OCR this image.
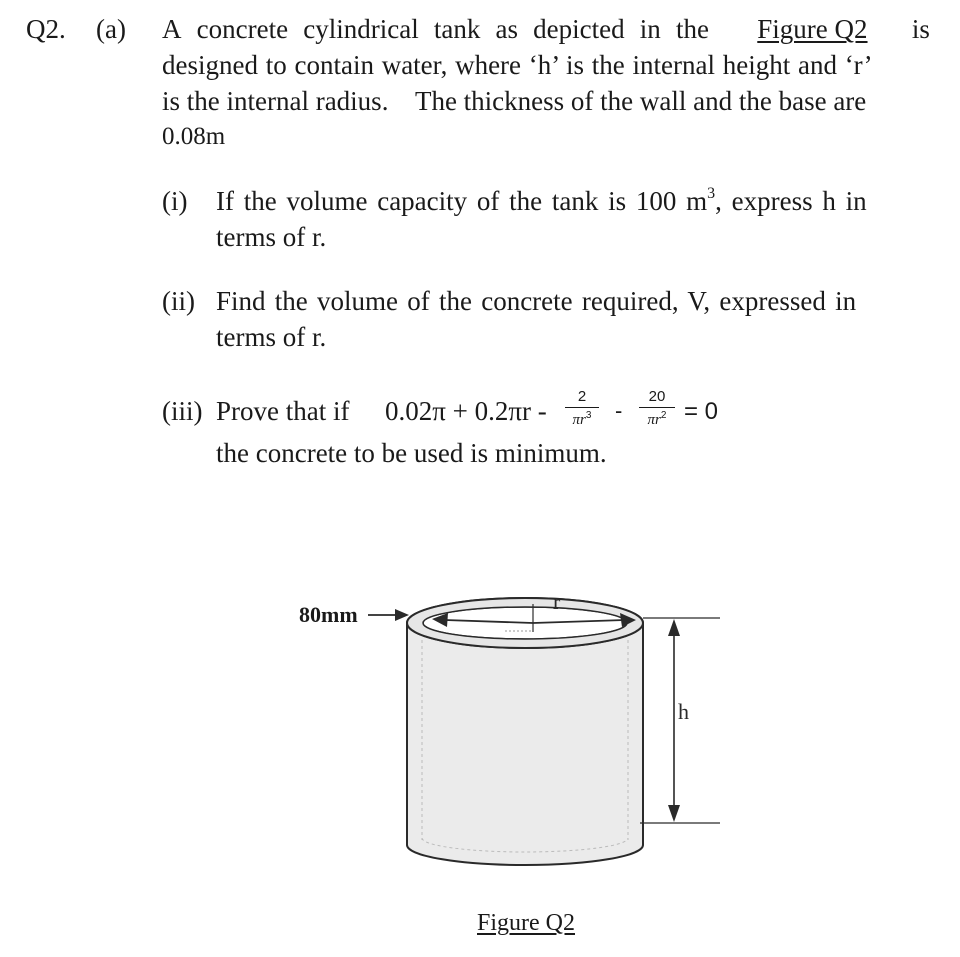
Q2. (a) A concrete cylindrical tank as depicted in the Figure Q2 is
designed to contain water, where ‘h’ is the internal height and ‘r’
is the internal radius.    The thickness of the wall and the base are
0.08m
(i) If the volume capacity of the tank is 100 $m^3$, express h in
terms of r.
(ii) Find the volume of the concrete required, V, expressed in
terms of r.
(iii) Prove that if 0.02π + 0.2πr -	2
$\pi r^3$	-
20
$\pi r^2 = 0$
the concrete to be used is minimum.
r
80mm
h
Figure Q2
